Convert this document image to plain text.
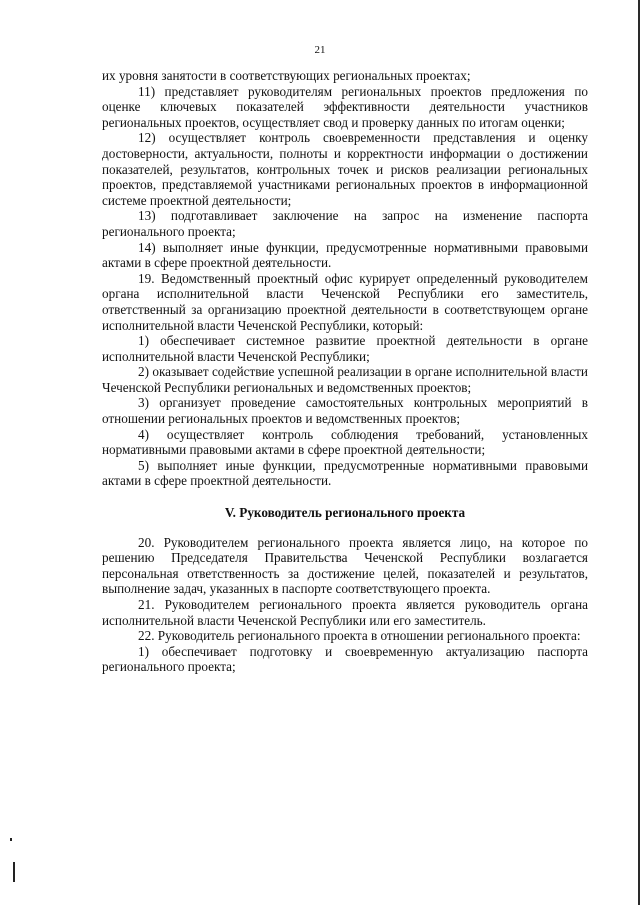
21

их уровня занятости в соответствующих региональных проектах;

11) представляет руководителям региональных проектов предложения по оценке ключевых показателей эффективности деятельности участников региональных проектов, осуществляет свод и проверку данных по итогам оценки;

12) осуществляет контроль своевременности представления и оценку достоверности, актуальности, полноты и корректности информации о достижении показателей, результатов, контрольных точек и рисков реализации региональных проектов, представляемой участниками региональных проектов в информационной системе проектной деятельности;

13) подготавливает заключение на запрос на изменение паспорта регионального проекта;

14) выполняет иные функции, предусмотренные нормативными правовыми актами в сфере проектной деятельности.

19. Ведомственный проектный офис курирует определенный руководителем органа исполнительной власти Чеченской Республики его заместитель, ответственный за организацию проектной деятельности в соответствующем органе исполнительной власти Чеченской Республики, который:

1) обеспечивает системное развитие проектной деятельности в органе исполнительной власти Чеченской Республики;

2) оказывает содействие успешной реализации в органе исполнительной власти Чеченской Республики региональных и ведомственных проектов;

3) организует проведение самостоятельных контрольных мероприятий в отношении региональных проектов и ведомственных проектов;

4) осуществляет контроль соблюдения требований, установленных нормативными правовыми актами в сфере проектной деятельности;

5) выполняет иные функции, предусмотренные нормативными правовыми актами в сфере проектной деятельности.

V. Руководитель регионального проекта

20. Руководителем регионального проекта является лицо, на которое по решению Председателя Правительства Чеченской Республики возлагается персональная ответственность за достижение целей, показателей и результатов, выполнение задач, указанных в паспорте соответствующего проекта.

21. Руководителем регионального проекта является руководитель органа исполнительной власти Чеченской Республики или его заместитель.

22. Руководитель регионального проекта в отношении регионального проекта:

1) обеспечивает подготовку и своевременную актуализацию паспорта регионального проекта;
